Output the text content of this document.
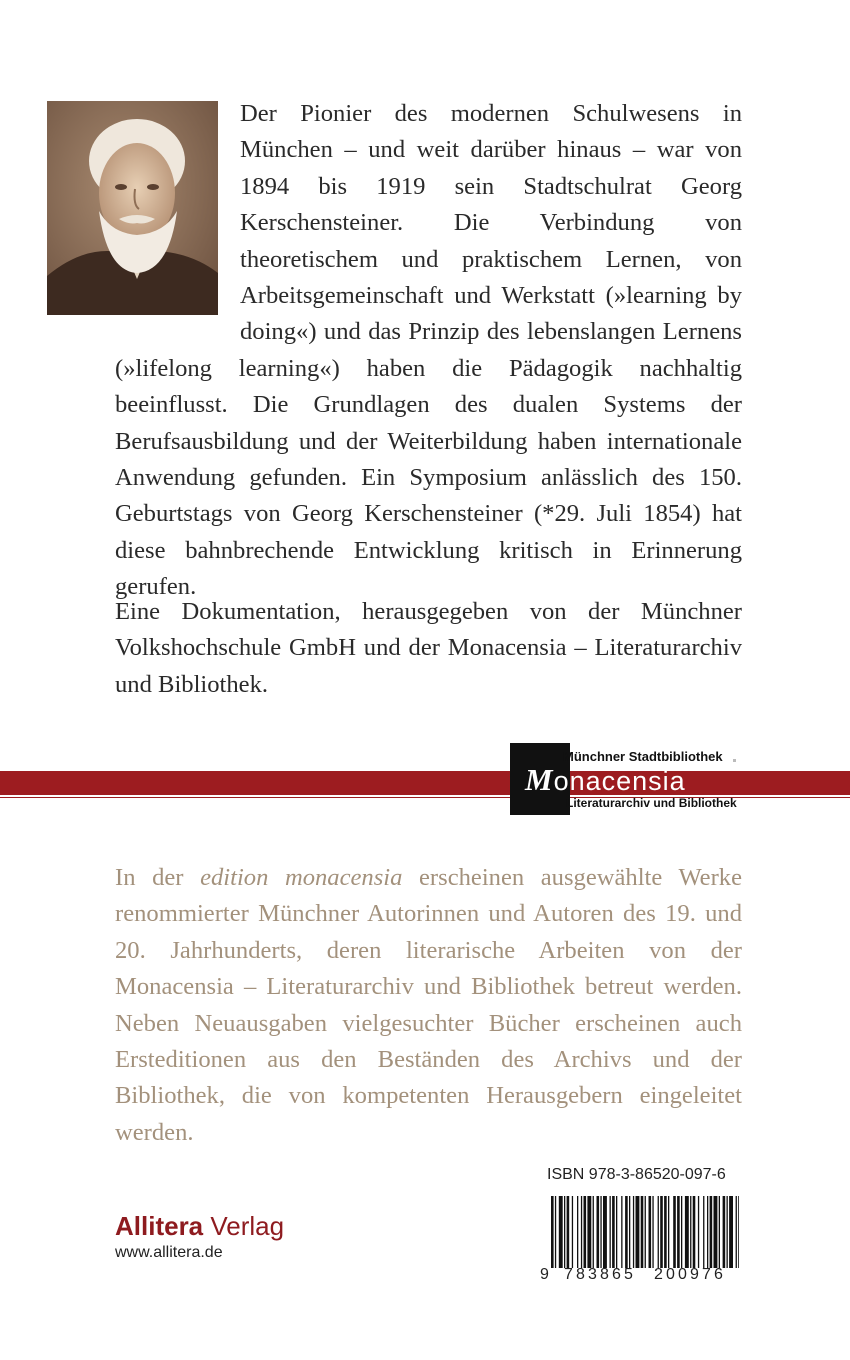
Der Pionier des modernen Schulwesens in München – und weit darüber hinaus – war von 1894 bis 1919 sein Stadtschulrat Georg Kerschensteiner. Die Verbindung von theoretischem und praktischem Lernen, von Arbeitsgemeinschaft und Werkstatt (»learning by doing«) und das Prinzip des lebenslangen Lernens (»lifelong learning«) haben die Pädagogik nachhaltig beeinflusst. Die Grundlagen des dualen Systems der Berufsausbildung und der Weiterbildung haben internationale Anwendung gefunden. Ein Symposium anlässlich des 150. Geburtstags von Georg Kerschensteiner (*29. Juli 1854) hat diese bahnbrechende Entwicklung kritisch in Erinnerung gerufen.

Eine Dokumentation, herausgegeben von der Münchner Volkshochschule GmbH und der Monacensia – Literaturarchiv und Bibliothek.

Münchner Stadtbibliothek
Monacensia
Literaturarchiv und Bibliothek

In der edition monacensia erscheinen ausgewählte Werke renommierter Münchner Autorinnen und Autoren des 19. und 20. Jahrhunderts, deren literarische Arbeiten von der Monacensia – Literaturarchiv und Bibliothek betreut werden. Neben Neuausgaben vielgesuchter Bücher erscheinen auch Ersteditionen aus den Beständen des Archivs und der Bibliothek, die von kompetenten Herausgebern eingeleitet werden.

ISBN 978-3-86520-097-6
9 783865 200976
Allitera Verlag
www.allitera.de
